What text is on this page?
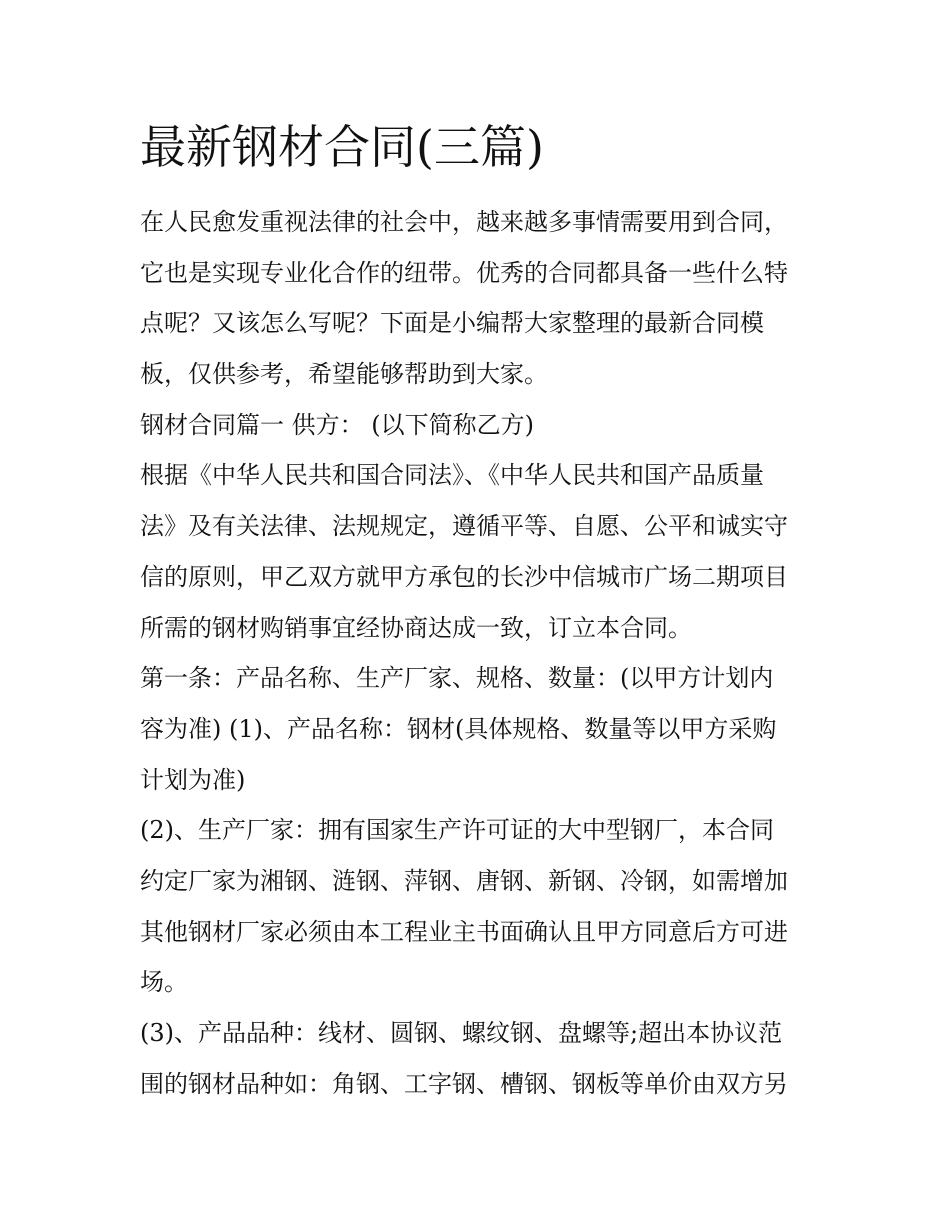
最新钢材合同(三篇)
在人民愈发重视法律的社会中，越来越多事情需要用到合同，
它也是实现专业化合作的纽带。优秀的合同都具备一些什么特
点呢？又该怎么写呢？下面是小编帮大家整理的最新合同模
板，仅供参考，希望能够帮助到大家。
钢材合同篇一 供方： (以下简称乙方)
根据《中华人民共和国合同法》、《中华人民共和国产品质量
法》及有关法律、法规规定，遵循平等、自愿、公平和诚实守
信的原则，甲乙双方就甲方承包的长沙中信城市广场二期项目
所需的钢材购销事宜经协商达成一致，订立本合同。
第一条：产品名称、生产厂家、规格、数量：(以甲方计划内
容为准) (1)、产品名称：钢材(具体规格、数量等以甲方采购
计划为准)
(2)、生产厂家：拥有国家生产许可证的大中型钢厂，本合同
约定厂家为湘钢、涟钢、萍钢、唐钢、新钢、冷钢，如需增加
其他钢材厂家必须由本工程业主书面确认且甲方同意后方可进
场。
(3)、产品品种：线材、圆钢、螺纹钢、盘螺等;超出本协议范
围的钢材品种如：角钢、工字钢、槽钢、钢板等单价由双方另
